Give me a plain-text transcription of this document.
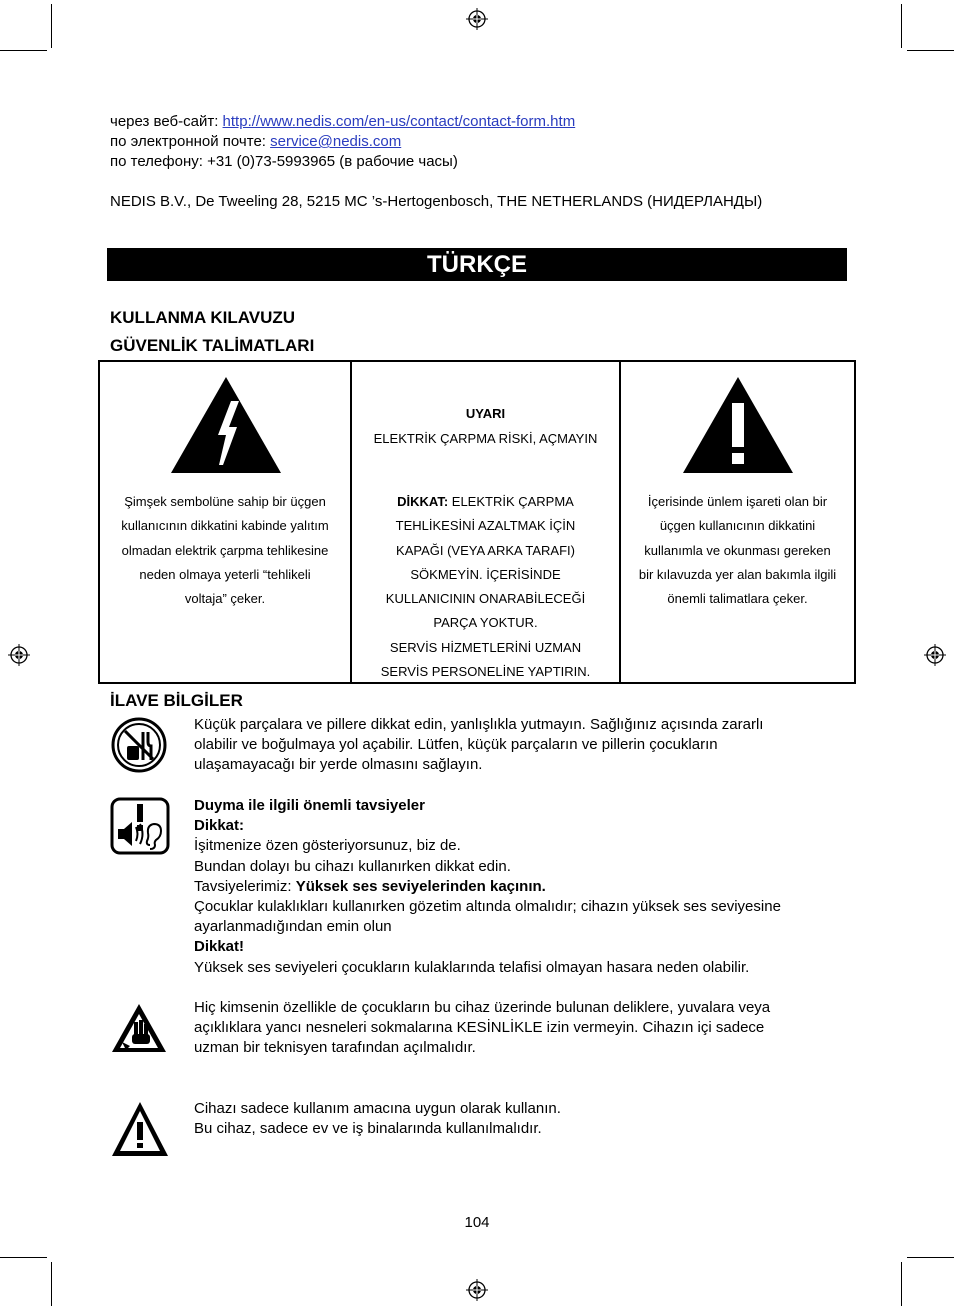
через веб-сайт: http://www.nedis.com/en-us/contact/contact-form.htm
по электронной почте: service@nedis.com
по телефону: +31 (0)73-5993965 (в рабочие часы)
NEDIS B.V., De Tweeling 28, 5215 MC ’s-Hertogenbosch, THE NETHERLANDS (НИДЕРЛАНДЫ)
TÜRKÇE
KULLANMA KILAVUZU
GÜVENLİK TALİMATLARI
Şimşek sembolüne sahip bir üçgen
kullanıcının dikkatini kabinde yalıtım
olmadan elektrik çarpma tehlikesine
neden olmaya yeterli “tehlikeli
voltaja” çeker.

UYARI
ELEKTRİK ÇARPMA RİSKİ, AÇMAYIN
DİKKAT: ELEKTRİK ÇARPMA
TEHLİKESİNİ AZALTMAK İÇİN
KAPAĞI (VEYA ARKA TARAFI)
SÖKMEYİN. İÇERİSİNDE
KULLANICININ ONARABİLECEĞİ
PARÇA YOKTUR.
SERVİS HİZMETLERİNİ UZMAN
SERVİS PERSONELİNE YAPTIRIN.

İçerisinde ünlem işareti olan bir
üçgen kullanıcının dikkatini
kullanımla ve okunması gereken
bir kılavuzda yer alan bakımla ilgili
önemli talimatlara çeker.
İLAVE BİLGİLER
Küçük parçalara ve pillere dikkat edin, yanlışlıkla yutmayın. Sağlığınız açısında zararlı
olabilir ve boğulmaya yol açabilir. Lütfen, küçük parçaların ve pillerin çocukların
ulaşamayacağı bir yerde olmasını sağlayın.
Duyma ile ilgili önemli tavsiyeler
Dikkat:
İşitmenize özen gösteriyorsunuz, biz de.
Bundan dolayı bu cihazı kullanırken dikkat edin.
Tavsiyelerimiz: Yüksek ses seviyelerinden kaçının.
Çocuklar kulaklıkları kullanırken gözetim altında olmalıdır; cihazın yüksek ses seviyesine
ayarlanmadığından emin olun
Dikkat!
Yüksek ses seviyeleri çocukların kulaklarında telafisi olmayan hasara neden olabilir.
Hiç kimsenin özellikle de çocukların bu cihaz üzerinde bulunan deliklere, yuvalara veya
açıklıklara yancı nesneleri sokmalarına KESİNLİKLE izin vermeyin. Cihazın içi sadece
uzman bir teknisyen tarafından açılmalıdır.
Cihazı sadece kullanım amacına uygun olarak kullanın.
Bu cihaz, sadece ev ve iş binalarında kullanılmalıdır.
104
